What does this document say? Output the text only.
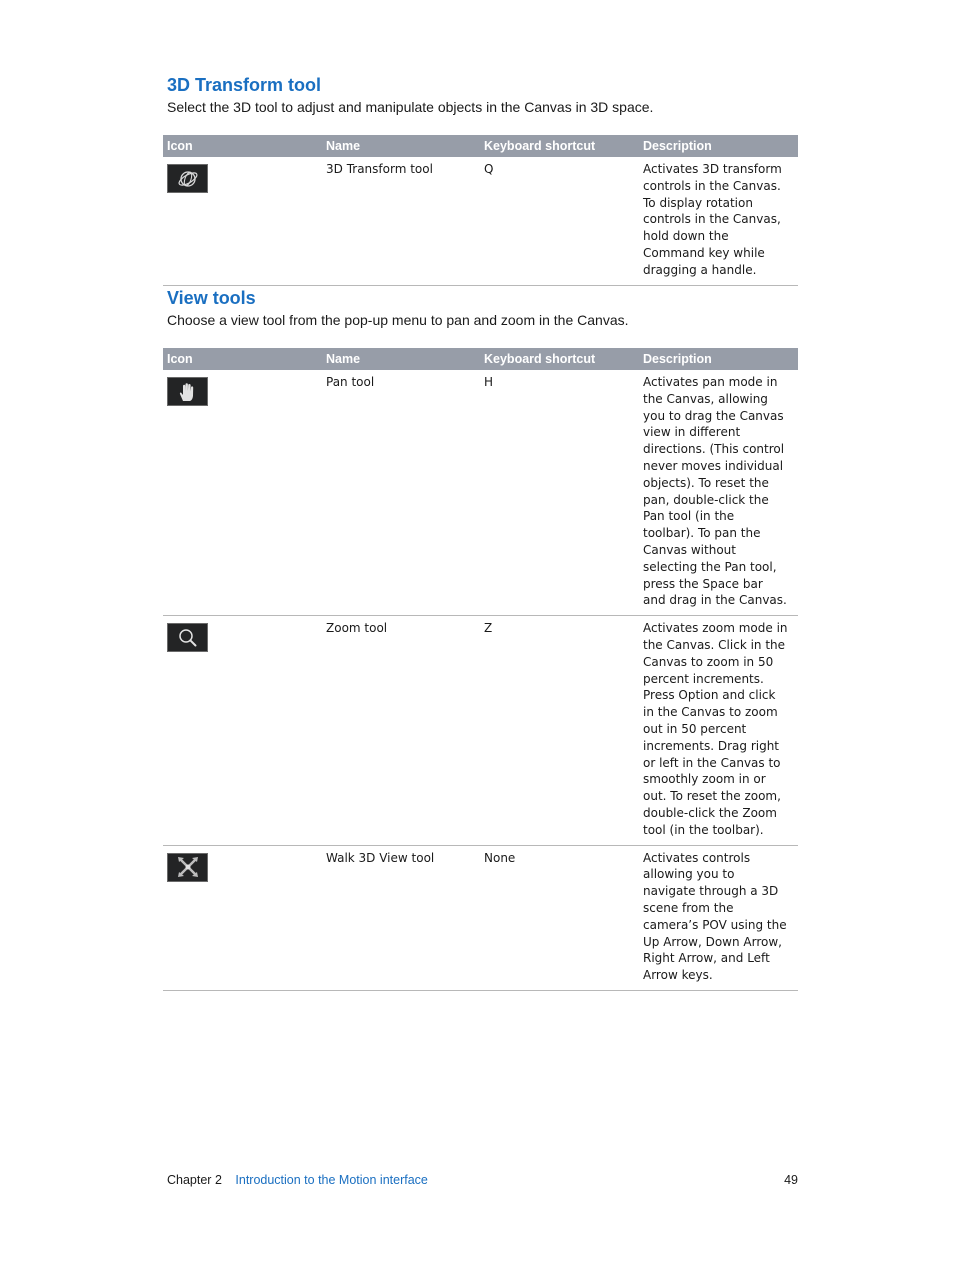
3D Transform tool

Select the 3D tool to adjust and manipulate objects in the Canvas in 3D space.

Icon	Name	Keyboard shortcut	Description

	3D Transform tool	Q	Activates 3D transform controls in the Canvas. To display rotation controls in the Canvas, hold down the Command key while dragging a handle.
View tools

Choose a view tool from the pop-up menu to pan and zoom in the Canvas.

Icon	Name	Keyboard shortcut	Description

	Pan tool	H	Activates pan mode in the Canvas, allowing you to drag the Canvas view in different directions. (This control never moves individual objects). To reset the pan, double-click the Pan tool (in the toolbar). To pan the Canvas without selecting the Pan tool, press the Space bar and drag in the Canvas.

	Zoom tool	Z	Activates zoom mode in the Canvas. Click in the Canvas to zoom in 50 percent increments. Press Option and click in the Canvas to zoom out in 50 percent increments. Drag right or left in the Canvas to smoothly zoom in or out. To reset the zoom, double-click the Zoom tool (in the toolbar).

	Walk 3D View tool	None	Activates controls allowing you to navigate through a 3D scene from the camera’s POV using the Up Arrow, Down Arrow, Right Arrow, and Left Arrow keys.
Chapter 2 Introduction to the Motion interface	49
